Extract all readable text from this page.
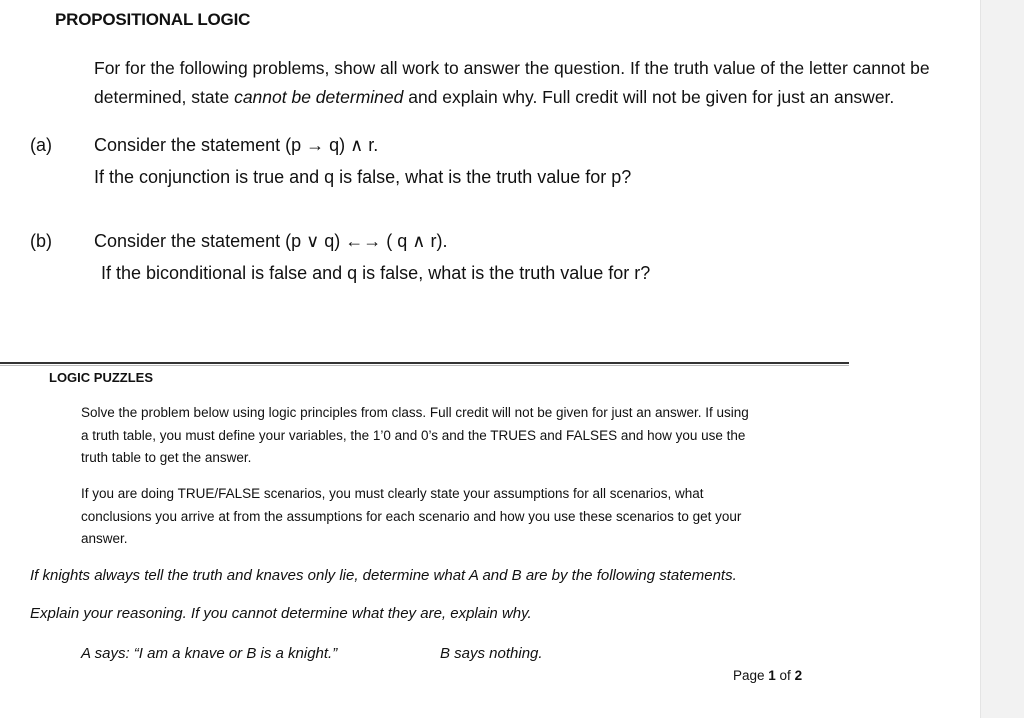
PROPOSITIONAL LOGIC
For for the following problems, show all work to answer the question. If the truth value of the letter cannot be
determined, state cannot be determined and explain why. Full credit will not be given for just an answer.
(a) Consider the statement (p → q) ∧ r.
If the conjunction is true and q is false, what is the truth value for p?
(b) Consider the statement (p ∨ q) ←→ ( q ∧ r).
If the biconditional is false and q is false, what is the truth value for r?
LOGIC PUZZLES
Solve the problem below using logic principles from class. Full credit will not be given for just an answer. If using
a truth table, you must define your variables, the 1’0 and 0’s and the TRUES and FALSES and how you use the
truth table to get the answer.
If you are doing TRUE/FALSE scenarios, you must clearly state your assumptions for all scenarios, what
conclusions you arrive at from the assumptions for each scenario and how you use these scenarios to get your
answer.
If knights always tell the truth and knaves only lie, determine what A and B are by the following statements.
Explain your reasoning. If you cannot determine what they are, explain why.
A says: “I am a knave or B is a knight.”	B says nothing.
Page 1 of 2
